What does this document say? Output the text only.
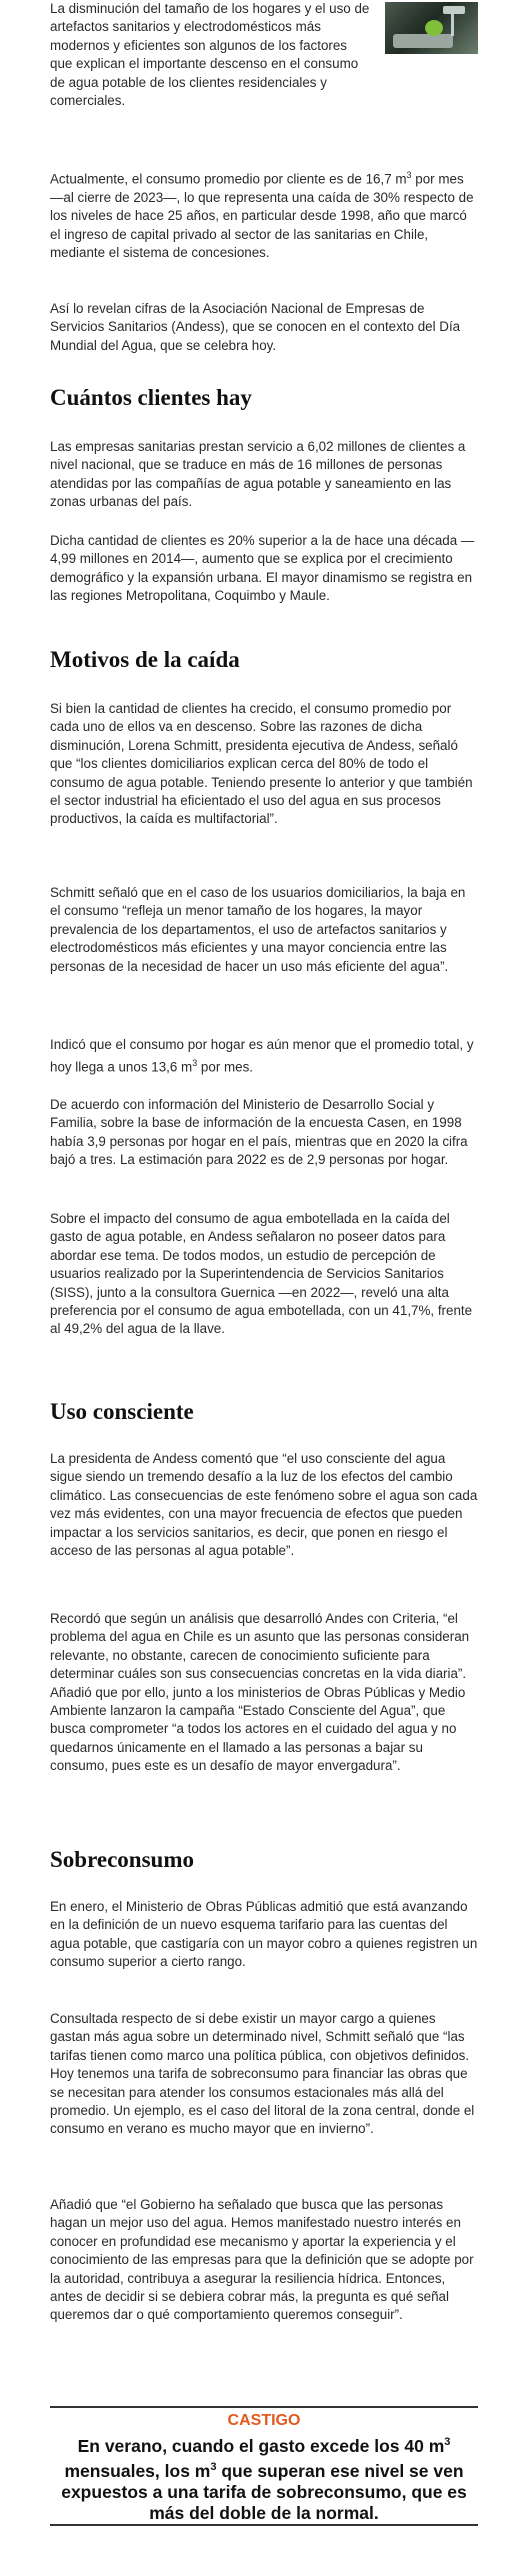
La disminución del tamaño de los hogares y el uso de artefactos sanitarios y electrodomésticos más modernos y eficientes son algunos de los factores que explican el importante descenso en el consumo de agua potable de los clientes residenciales y comerciales.

Actualmente, el consumo promedio por cliente es de 16,7 $m^3$ por mes —al cierre de 2023—, lo que representa una caída de 30% respecto de los niveles de hace 25 años, en particular desde 1998, año que marcó el ingreso de capital privado al sector de las sanitarias en Chile, mediante el sistema de concesiones.

Así lo revelan cifras de la Asociación Nacional de Empresas de Servicios Sanitarios (Andess), que se conocen en el contexto del Día Mundial del Agua, que se celebra hoy.

Cuántos clientes hay

Las empresas sanitarias prestan servicio a 6,02 millones de clientes a nivel nacional, que se traduce en más de 16 millones de personas atendidas por las compañías de agua potable y saneamiento en las zonas urbanas del país.

Dicha cantidad de clientes es 20% superior a la de hace una década —4,99 millones en 2014—, aumento que se explica por el crecimiento demográfico y la expansión urbana. El mayor dinamismo se registra en las regiones Metropolitana, Coquimbo y Maule.

Motivos de la caída

Si bien la cantidad de clientes ha crecido, el consumo promedio por cada uno de ellos va en descenso. Sobre las razones de dicha disminución, Lorena Schmitt, presidenta ejecutiva de Andess, señaló que “los clientes domiciliarios explican cerca del 80% de todo el consumo de agua potable. Teniendo presente lo anterior y que también el sector industrial ha eficientado el uso del agua en sus procesos productivos, la caída es multifactorial”.

Schmitt señaló que en el caso de los usuarios domiciliarios, la baja en el consumo “refleja un menor tamaño de los hogares, la mayor prevalencia de los departamentos, el uso de artefactos sanitarios y electrodomésticos más eficientes y una mayor conciencia entre las personas de la necesidad de hacer un uso más eficiente del agua”.

Indicó que el consumo por hogar es aún menor que el promedio total, y hoy llega a unos 13,6 $m^3$ por mes.

De acuerdo con información del Ministerio de Desarrollo Social y Familia, sobre la base de información de la encuesta Casen, en 1998 había 3,9 personas por hogar en el país, mientras que en 2020 la cifra bajó a tres. La estimación para 2022 es de 2,9 personas por hogar.

Sobre el impacto del consumo de agua embotellada en la caída del gasto de agua potable, en Andess señalaron no poseer datos para abordar ese tema. De todos modos, un estudio de percepción de usuarios realizado por la Superintendencia de Servicios Sanitarios (SISS), junto a la consultora Guernica —en 2022—, reveló una alta preferencia por el consumo de agua embotellada, con un 41,7%, frente al 49,2% del agua de la llave.

Uso consciente

La presidenta de Andess comentó que “el uso consciente del agua sigue siendo un tremendo desafío a la luz de los efectos del cambio climático. Las consecuencias de este fenómeno sobre el agua son cada vez más evidentes, con una mayor frecuencia de efectos que pueden impactar a los servicios sanitarios, es decir, que ponen en riesgo el acceso de las personas al agua potable”.

Recordó que según un análisis que desarrolló Andes con Criteria, “el problema del agua en Chile es un asunto que las personas consideran relevante, no obstante, carecen de conocimiento suficiente para determinar cuáles son sus consecuencias concretas en la vida diaria”. Añadió que por ello, junto a los ministerios de Obras Públicas y Medio Ambiente lanzaron la campaña “Estado Consciente del Agua”, que busca comprometer “a todos los actores en el cuidado del agua y no quedarnos únicamente en el llamado a las personas a bajar su consumo, pues este es un desafío de mayor envergadura”.

Sobreconsumo

En enero, el Ministerio de Obras Públicas admitió que está avanzando en la definición de un nuevo esquema tarifario para las cuentas del agua potable, que castigaría con un mayor cobro a quienes registren un consumo superior a cierto rango.

Consultada respecto de si debe existir un mayor cargo a quienes gastan más agua sobre un determinado nivel, Schmitt señaló que “las tarifas tienen como marco una política pública, con objetivos definidos. Hoy tenemos una tarifa de sobreconsumo para financiar las obras que se necesitan para atender los consumos estacionales más allá del promedio. Un ejemplo, es el caso del litoral de la zona central, donde el consumo en verano es mucho mayor que en invierno”.

Añadió que “el Gobierno ha señalado que busca que las personas hagan un mejor uso del agua. Hemos manifestado nuestro interés en conocer en profundidad ese mecanismo y aportar la experiencia y el conocimiento de las empresas para que la definición que se adopte por la autoridad, contribuya a asegurar la resiliencia hídrica. Entonces, antes de decidir si se debiera cobrar más, la pregunta es qué señal queremos dar o qué comportamiento queremos conseguir”.

CASTIGO
En verano, cuando el gasto excede los 40 $m^3$ mensuales, los $m^3$ que superan ese nivel se ven expuestos a una tarifa de sobreconsumo, que es más del doble de la normal.
